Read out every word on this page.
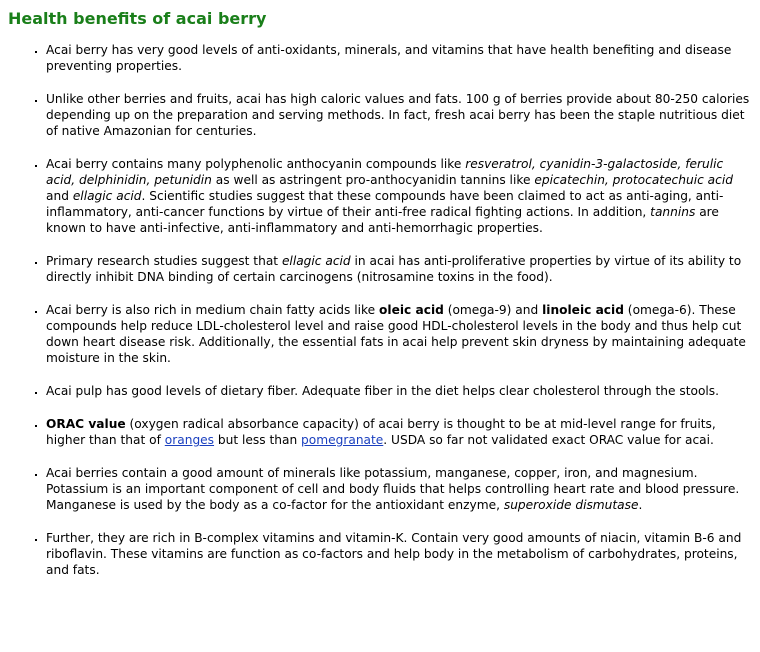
Health benefits of acai berry
▪ Acai berry has very good levels of anti-oxidants, minerals, and vitamins that have health benefiting and disease preventing properties.
▪ Unlike other berries and fruits, acai has high caloric values and fats. 100 g of berries provide about 80-250 calories depending up on the preparation and serving methods. In fact, fresh acai berry has been the staple nutritious diet of native Amazonian for centuries.
▪ Acai berry contains many polyphenolic anthocyanin compounds like resveratrol, cyanidin-3-galactoside, ferulic acid, delphinidin, petunidin as well as astringent pro-anthocyanidin tannins like epicatechin, protocatechuic acid and ellagic acid. Scientific studies suggest that these compounds have been claimed to act as anti-aging, anti-inflammatory, anti-cancer functions by virtue of their anti-free radical fighting actions. In addition, tannins are known to have anti-infective, anti-inflammatory and anti-hemorrhagic properties.
▪ Primary research studies suggest that ellagic acid in acai has anti-proliferative properties by virtue of its ability to directly inhibit DNA binding of certain carcinogens (nitrosamine toxins in the food).
▪ Acai berry is also rich in medium chain fatty acids like oleic acid (omega-9) and linoleic acid (omega-6). These compounds help reduce LDL-cholesterol level and raise good HDL-cholesterol levels in the body and thus help cut down heart disease risk. Additionally, the essential fats in acai help prevent skin dryness by maintaining adequate moisture in the skin.
▪ Acai pulp has good levels of dietary fiber. Adequate fiber in the diet helps clear cholesterol through the stools.
▪ ORAC value (oxygen radical absorbance capacity) of acai berry is thought to be at mid-level range for fruits, higher than that of oranges but less than pomegranate. USDA so far not validated exact ORAC value for acai.
▪ Acai berries contain a good amount of minerals like potassium, manganese, copper, iron, and magnesium. Potassium is an important component of cell and body fluids that helps controlling heart rate and blood pressure. Manganese is used by the body as a co-factor for the antioxidant enzyme, superoxide dismutase.
▪ Further, they are rich in B-complex vitamins and vitamin-K. Contain very good amounts of niacin, vitamin B-6 and riboflavin. These vitamins are function as co-factors and help body in the metabolism of carbohydrates, proteins, and fats.
